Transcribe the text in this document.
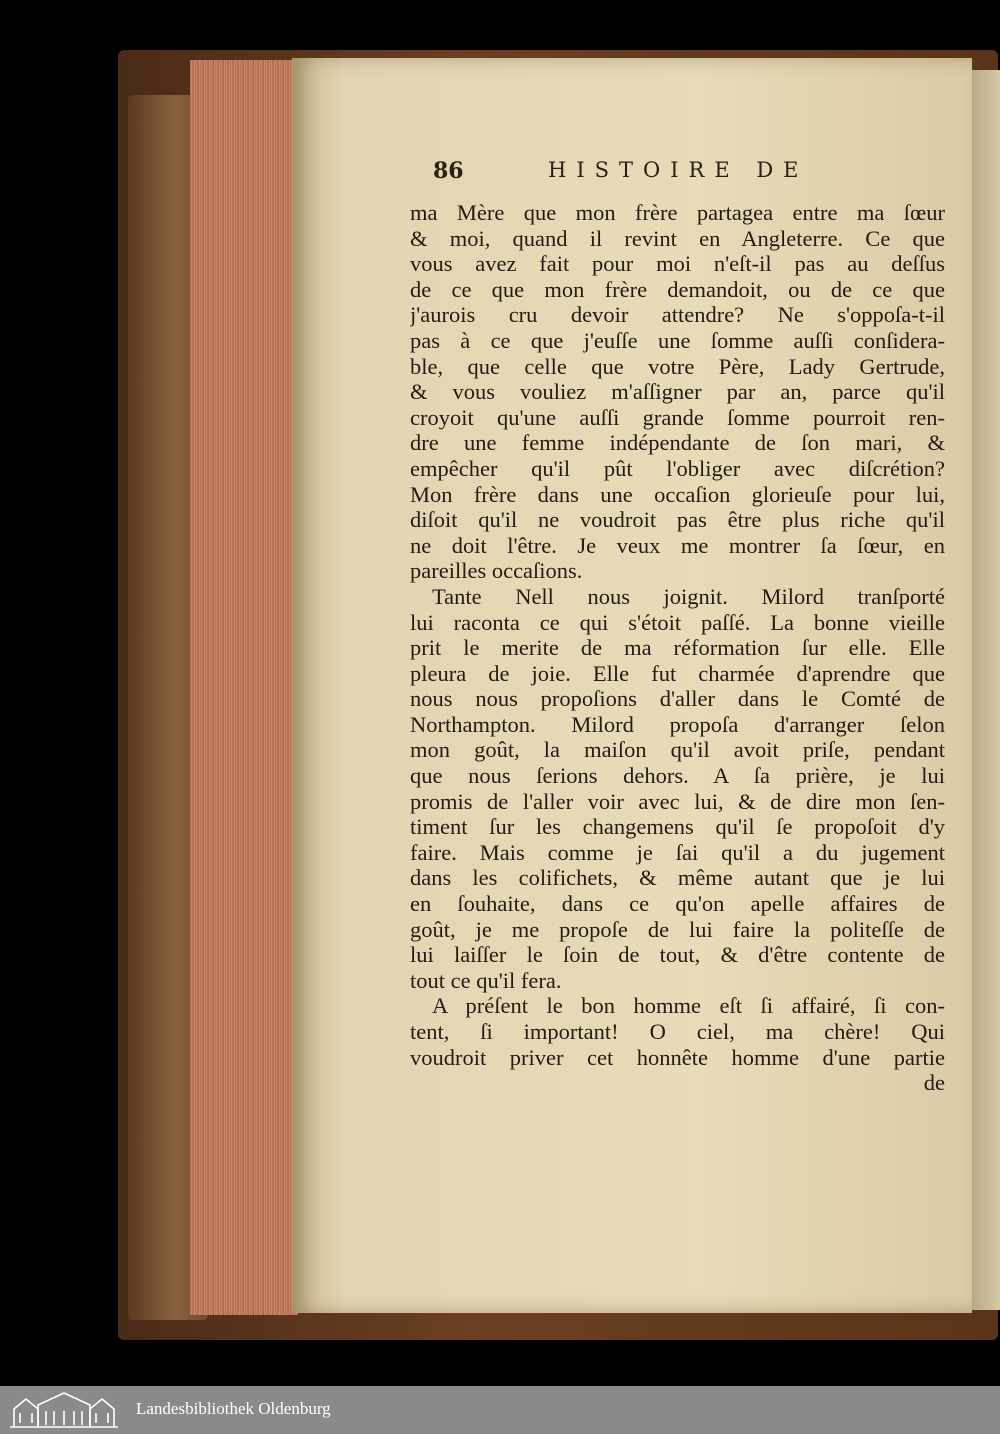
86	HISTOIRE DE
ma Mère que mon frère partagea entre ma ſœur
& moi, quand il revint en Angleterre. Ce que
vous avez fait pour moi n'eſt-il pas au deſſus
de ce que mon frère demandoit, ou de ce que
j'aurois cru devoir attendre? Ne s'oppoſa-t-il
pas à ce que j'euſſe une ſomme auſſi conſidera-
ble, que celle que votre Père, Lady Gertrude,
& vous vouliez m'aſſigner par an, parce qu'il
croyoit qu'une auſſi grande ſomme pourroit ren-
dre une femme indépendante de ſon mari, &
empêcher qu'il pût l'obliger avec diſcrétion?
Mon frère dans une occaſion glorieuſe pour lui,
diſoit qu'il ne voudroit pas être plus riche qu'il
ne doit l'être. Je veux me montrer ſa ſœur, en
pareilles occaſions.
Tante Nell nous joignit. Milord tranſporté
lui raconta ce qui s'étoit paſſé. La bonne vieille
prit le merite de ma réformation ſur elle. Elle
pleura de joie. Elle fut charmée d'aprendre que
nous nous propoſions d'aller dans le Comté de
Northampton. Milord propoſa d'arranger ſelon
mon goût, la maiſon qu'il avoit priſe, pendant
que nous ſerions dehors. A ſa prière, je lui
promis de l'aller voir avec lui, & de dire mon ſen-
timent ſur les changemens qu'il ſe propoſoit d'y
faire. Mais comme je ſai qu'il a du jugement
dans les colifichets, & même autant que je lui
en ſouhaite, dans ce qu'on apelle affaires de
goût, je me propoſe de lui faire la politeſſe de
lui laiſſer le ſoin de tout, & d'être contente de
tout ce qu'il fera.
A préſent le bon homme eſt ſi affairé, ſi con-
tent, ſi important! O ciel, ma chère! Qui
voudroit priver cet honnête homme d'une partie
de
Landesbibliothek Oldenburg
